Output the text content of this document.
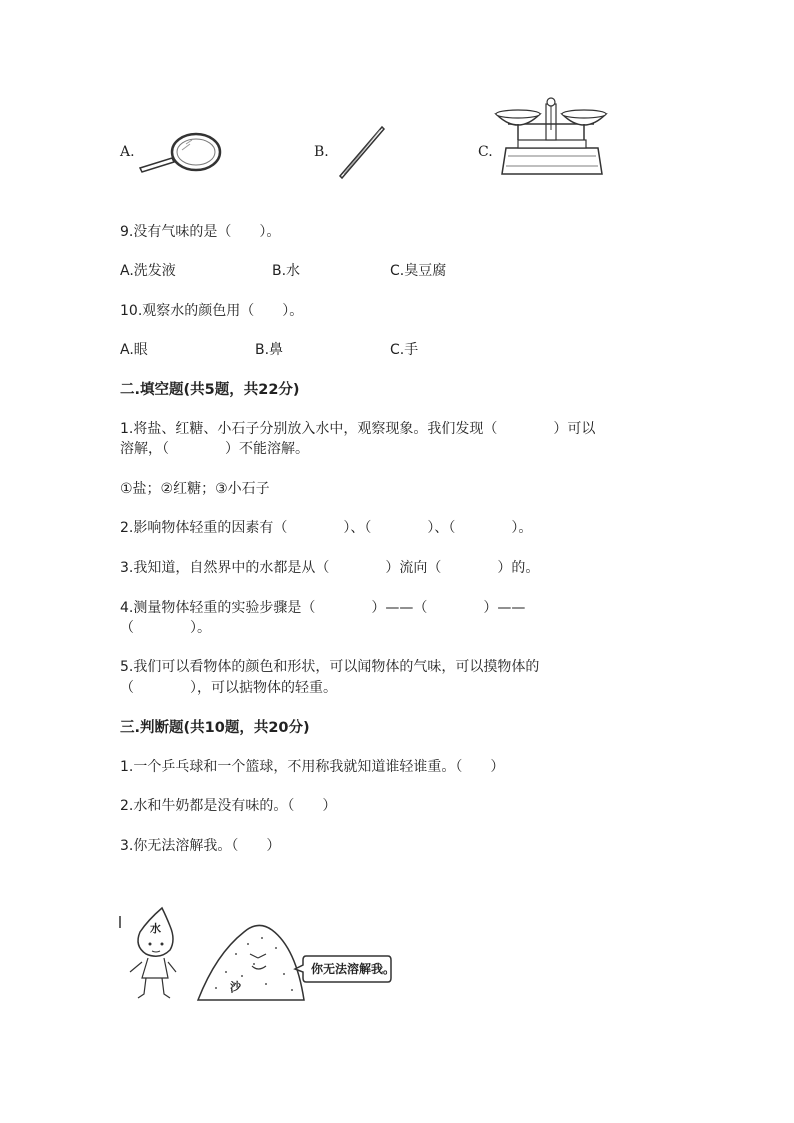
A.	B.	C.
9.没有气味的是（　　）。
A.洗发液	B.水	C.臭豆腐
10.观察水的颜色用（　　）。
A.眼	B.鼻	C.手
二.填空题(共5题，共22分)
1.将盐、红糖、小石子分别放入水中，观察现象。我们发现（　　　　）可以
溶解，（　　　　）不能溶解。
①盐；②红糖；③小石子
2.影响物体轻重的因素有（　　　　）、（　　　　）、（　　　　）。
3.我知道，自然界中的水都是从（　　　　）流向（　　　　）的。
4.测量物体轻重的实验步骤是（　　　　）——（　　　　）——
（　　　　）。
5.我们可以看物体的颜色和形状，可以闻物体的气味，可以摸物体的
（　　　　），可以掂物体的轻重。
三.判断题(共10题，共20分)
1.一个乒乓球和一个篮球，不用称我就知道谁轻谁重。（　　）
2.水和牛奶都是没有味的。（　　）
3.你无法溶解我。（　　）
水
沙
你无法溶解我。
